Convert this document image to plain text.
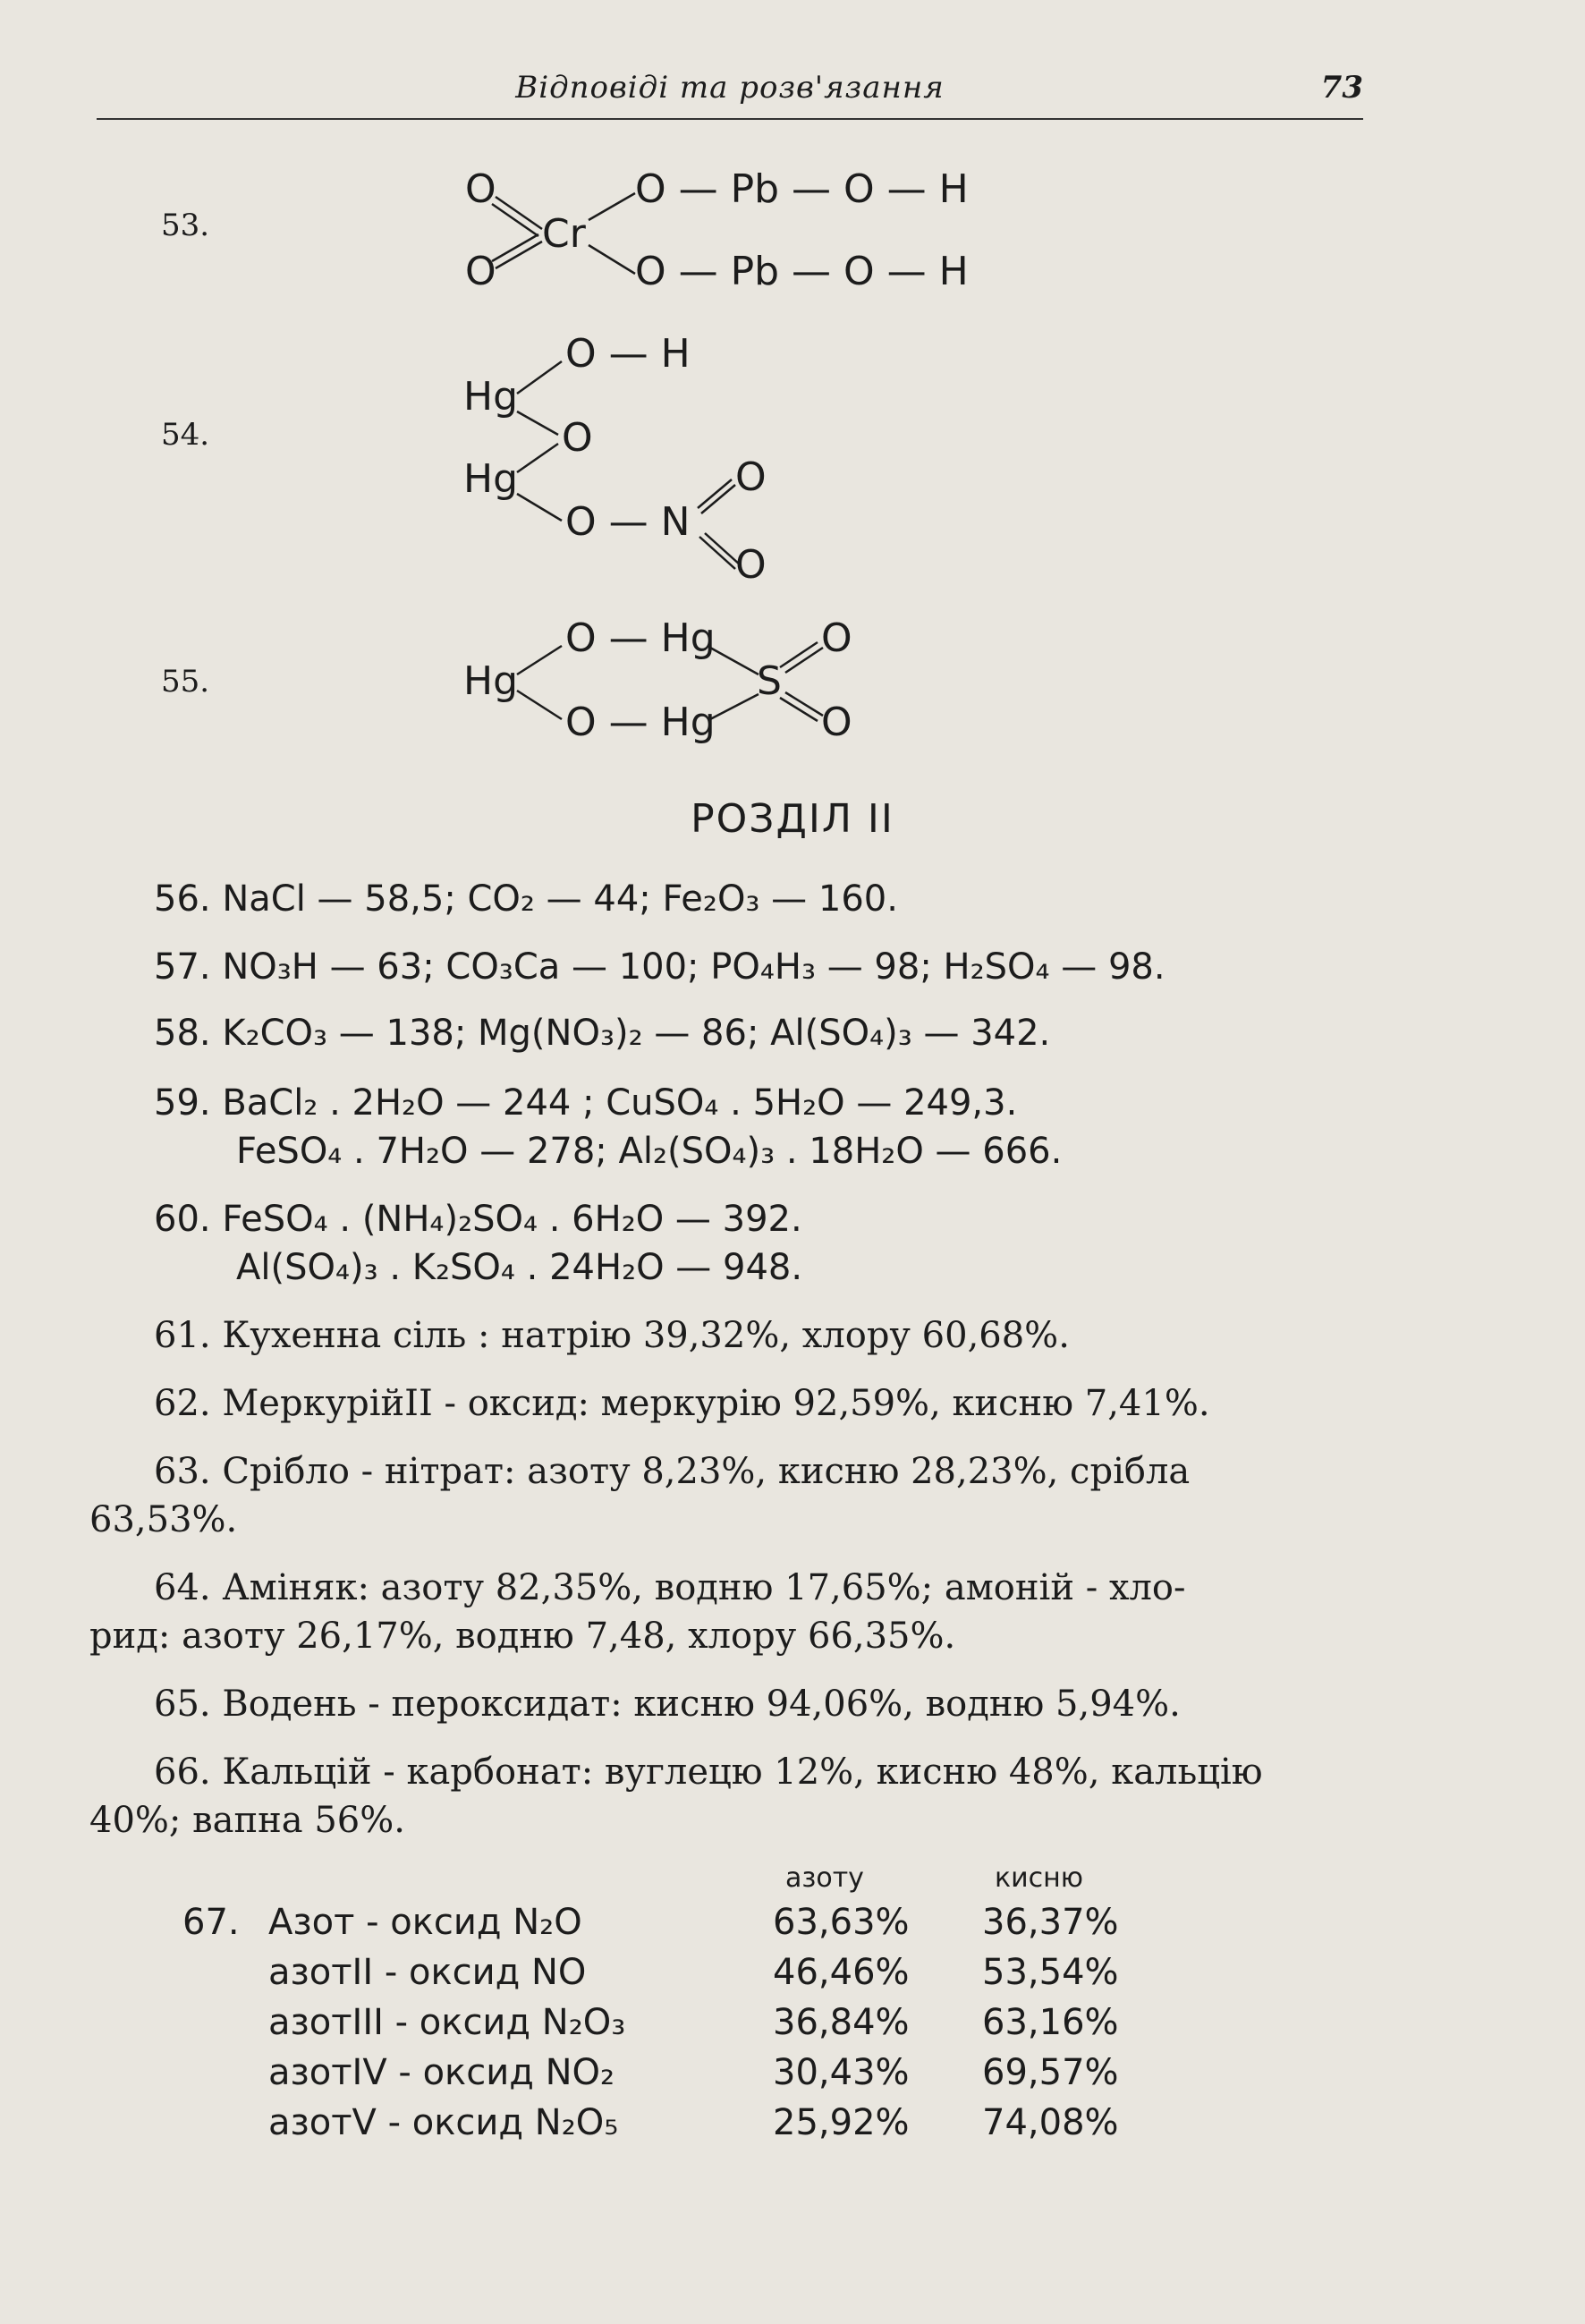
Відповіді та розв'язання	73
53.
O
Cr
O
O — Pb — O — H
O — Pb — O — H
54.
O — H
Hg
O
Hg
O — N
O
O
55.
O — Hg
Hg	S
O
O — Hg	O
РОЗДІЛ II
56. NaCl — 58,5; CO₂ — 44; Fe₂O₃ — 160.
57. NO₃H — 63; CO₃Ca — 100; PO₄H₃ — 98; H₂SO₄ — 98.
58. K₂CO₃ — 138; Mg(NO₃)₂ — 86; Al(SO₄)₃ — 342.
59. BaCl₂ . 2H₂O — 244 ; CuSO₄ . 5H₂O — 249,3.
FeSO₄ . 7H₂O — 278; Al₂(SO₄)₃ . 18H₂O — 666.
60. FeSO₄ . (NH₄)₂SO₄ . 6H₂O — 392.
Al(SO₄)₃ . K₂SO₄ . 24H₂O — 948.
61. Кухенна сіль : натрію 39,32%, хлору 60,68%.
62. МеркурійII - оксид: меркурію 92,59%, кисню 7,41%.
63. Срібло - нітрат: азоту 8,23%, кисню 28,23%, срібла
63,53%.
64. Аміняк: азоту 82,35%, водню 17,65%; амоній - хло-
рид: азоту 26,17%, водню 7,48, хлору 66,35%.
65. Водень - пероксидат: кисню 94,06%, водню 5,94%.
66. Кальцій - карбонат: вуглецю 12%, кисню 48%, кальцію
40%; вапна 56%.
азоту	кисню
67. Азот - оксид N₂O	63,63% 36,37%
азотII - оксид NO	46,46% 53,54%
азотIII - оксид N₂O₃	36,84% 63,16%
азотIV - оксид NO₂	30,43% 69,57%
азотV - оксид N₂O₅	25,92% 74,08%
